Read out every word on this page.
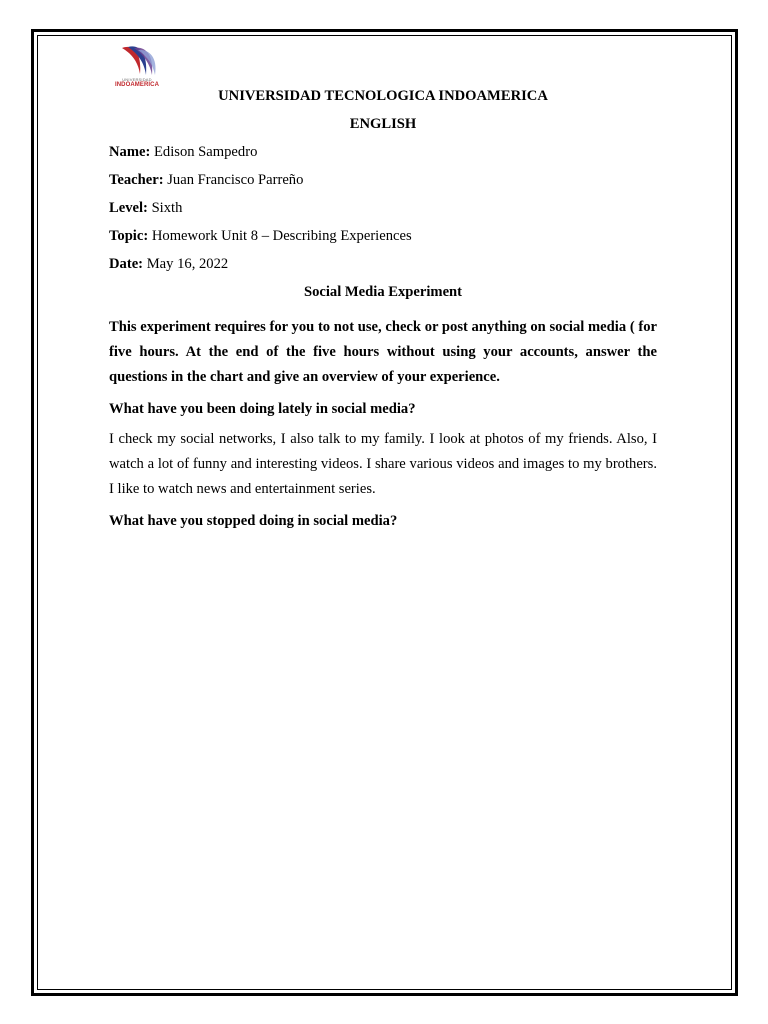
UNIVERSIDAD
INDOAMERICA

UNIVERSIDAD TECNOLOGICA INDOAMERICA

ENGLISH

Name: Edison Sampedro

Teacher: Juan Francisco Parreño

Level: Sixth

Topic: Homework Unit 8 – Describing Experiences

Date: May 16, 2022

Social Media Experiment

This experiment requires for you to not use, check or post anything on social media ( for five hours. At the end of the five hours without using your accounts, answer the questions in the chart and give an overview of your experience.

What have you been doing lately in social media?

I check my social networks, I also talk to my family. I look at photos of my friends. Also, I watch a lot of funny and interesting videos. I share various videos and images to my brothers. I like to watch news and entertainment series.

What have you stopped doing in social media?
